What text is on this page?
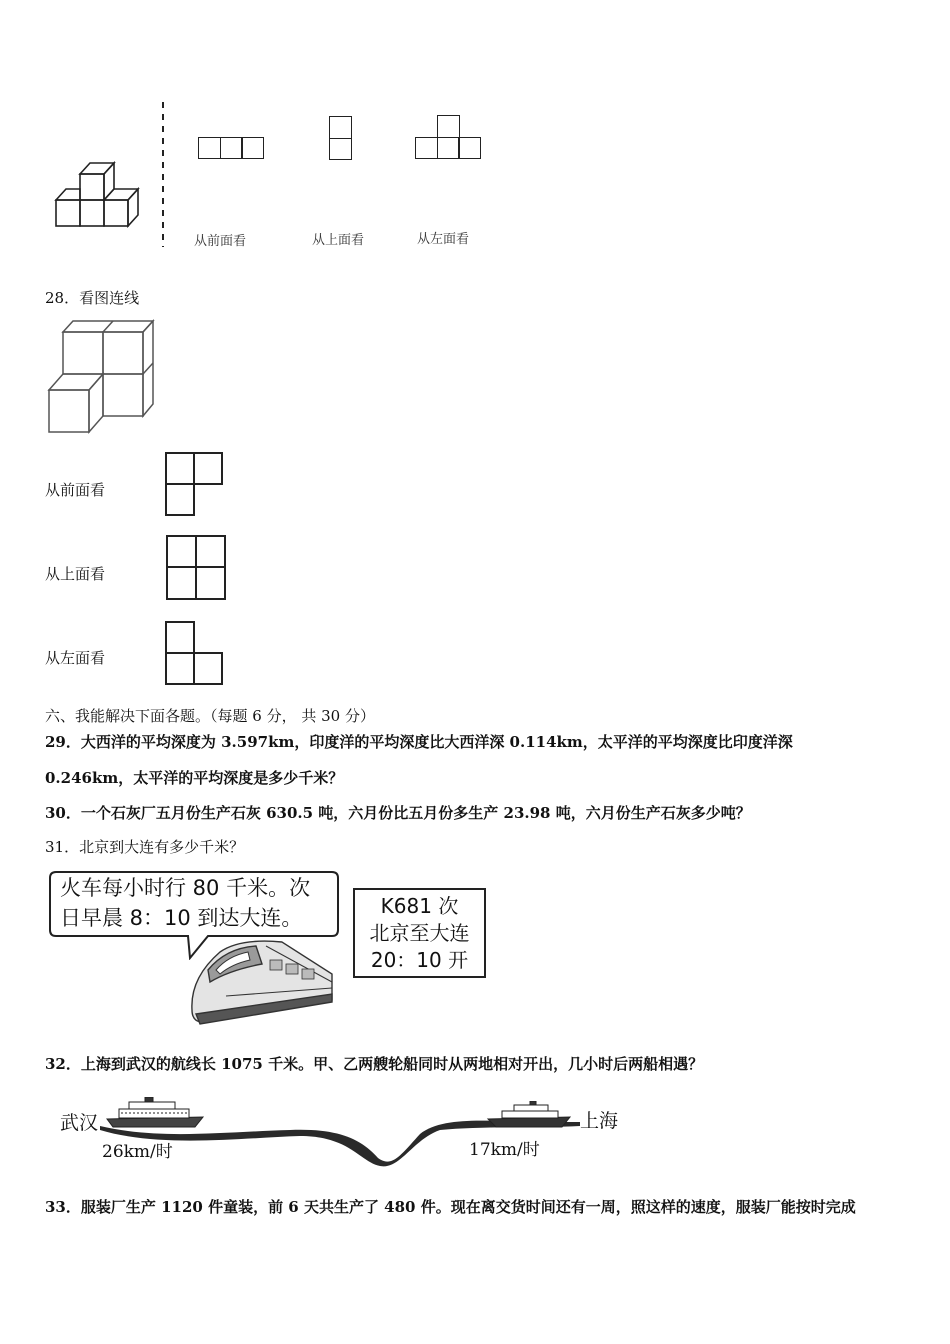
从前面看	从上面看	从左面看
28．看图连线
从前面看
从上面看
从左面看
六、我能解决下面各题。（每题 6 分， 共 30 分）
29．大西洋的平均深度为 3.597km，印度洋的平均深度比大西洋深 0.114km，太平洋的平均深度比印度洋深
0.246km，太平洋的平均深度是多少千米？
30．一个石灰厂五月份生产石灰 630.5 吨，六月份比五月份多生产 23.98 吨，六月份生产石灰多少吨？
31．北京到大连有多少千米？
火车每小时行 80 千米。次
日早晨 8：10 到达大连。	K681 次
北京至大连
20：10 开
32．上海到武汉的航线长 1075 千米。甲、乙两艘轮船同时从两地相对开出，几小时后两船相遇？
武汉	上海
26km/时	17km/时
33．服装厂生产 1120 件童装，前 6 天共生产了 480 件。现在离交货时间还有一周，照这样的速度，服装厂能按时完成
